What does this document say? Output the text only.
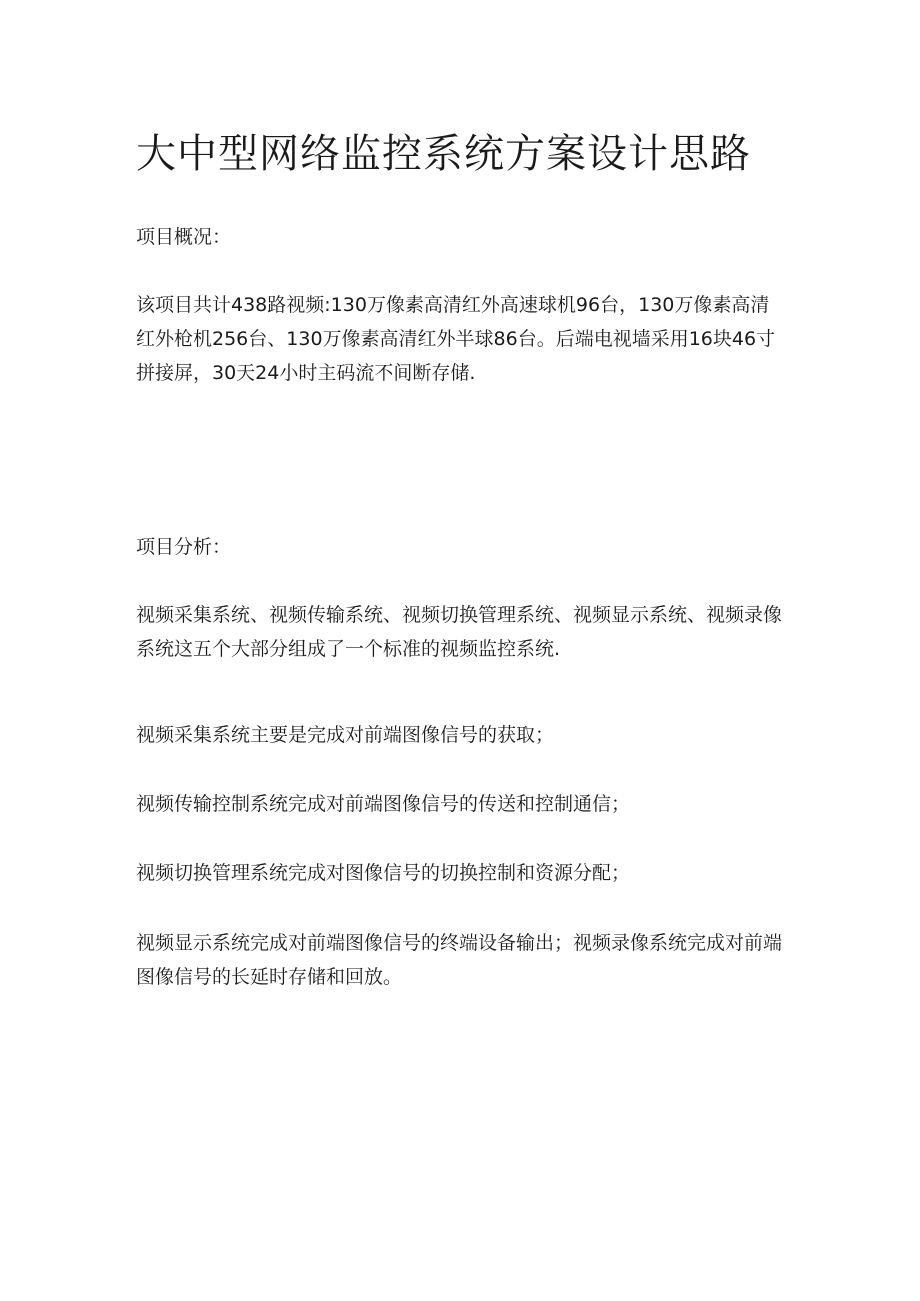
大中型网络监控系统方案设计思路

项目概况：

该项目共计438路视频:130万像素高清红外高速球机96台，130万像素高清红外枪机256台、130万像素高清红外半球86台。后端电视墙采用16块46寸拼接屏，30天24小时主码流不间断存储.

项目分析：

视频采集系统、视频传输系统、视频切换管理系统、视频显示系统、视频录像系统这五个大部分组成了一个标准的视频监控系统.

视频采集系统主要是完成对前端图像信号的获取；

视频传输控制系统完成对前端图像信号的传送和控制通信；

视频切换管理系统完成对图像信号的切换控制和资源分配；

视频显示系统完成对前端图像信号的终端设备输出；视频录像系统完成对前端图像信号的长延时存储和回放。
